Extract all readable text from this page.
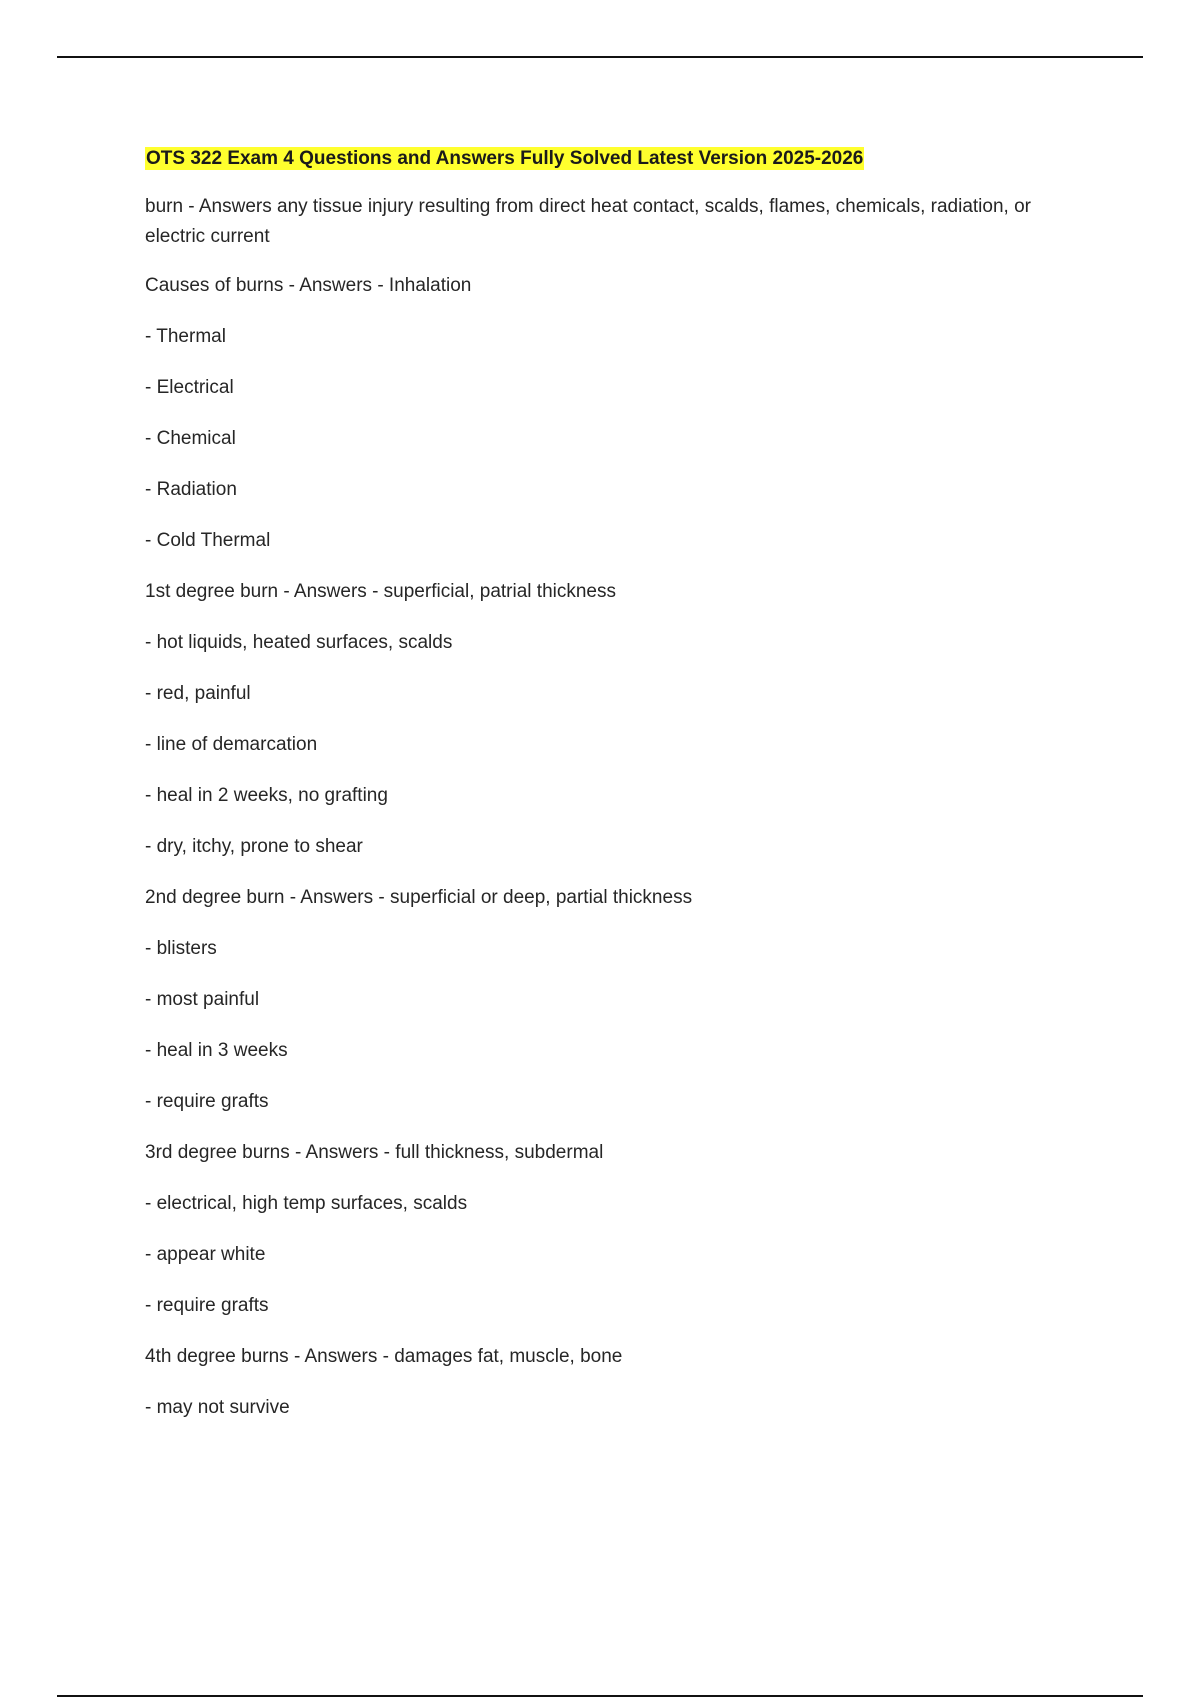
OTS 322 Exam 4 Questions and Answers Fully Solved Latest Version 2025-2026
burn - Answers any tissue injury resulting from direct heat contact, scalds, flames, chemicals, radiation, or electric current
Causes of burns - Answers - Inhalation
- Thermal
- Electrical
- Chemical
- Radiation
- Cold Thermal
1st degree burn - Answers - superficial, patrial thickness
- hot liquids, heated surfaces, scalds
- red, painful
- line of demarcation
- heal in 2 weeks, no grafting
- dry, itchy, prone to shear
2nd degree burn - Answers - superficial or deep, partial thickness
- blisters
- most painful
- heal in 3 weeks
- require grafts
3rd degree burns - Answers - full thickness, subdermal
- electrical, high temp surfaces, scalds
- appear white
- require grafts
4th degree burns - Answers - damages fat, muscle, bone
- may not survive
